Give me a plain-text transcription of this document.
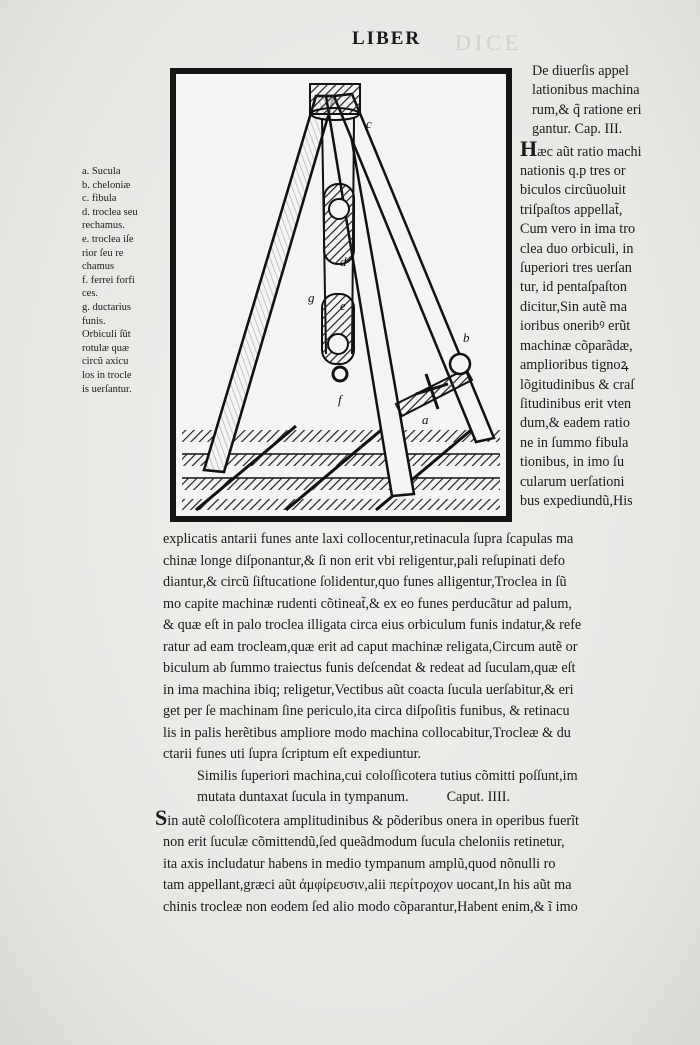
DICE
LIBER
c
d
e
f
g
b
a
a. Sucula
b. cheloniæ
c. fibula
d. troclea seu
rechamus.
e. troclea iſe
rior ſeu re
chamus
f. ferrei forfi
ces.
g. ductarius
funis.
Orbiculi ſũt
rotulæ quæ
circũ axicu
los in trocle
is uerſantur.
De diuerſis appel
lationibus machina
rum,& q̃ ratione eri
gantur. Cap. III.
Hæc aũt ratio machi
nationis q.p tres or
biculos circũuoluit
triſpaſtos appellat̃,
Cum vero in ima tro
clea duo orbiculi, in
ſuperiori tres uerſan
tur, id pentaſpaſton
dicitur,Sin autẽ ma
ioribus oneribꝰ erũt
machinæ cõparãdæ,
amplioribus tignoꝝ
lõgitudinibus & craſ
ſitudinibus erit vten
dum,& eadem ratio
ne in ſummo fibula
tionibus, in imo ſu
cularum uerſationi
bus expediundũ,His
explicatis antarii funes ante laxi collocentur,retinacula ſupra ſcapulas ma
chinæ longe diſponantur,& ſi non erit vbi religentur,pali reſupinati defo
diantur,& circũ ſiſtucatione ſolidentur,quo funes alligentur,Troclea in ſũ
mo capite machinæ rudenti cõtineat̃,& ex eo funes perducãtur ad palum,
& quæ eſt in palo troclea illigata circa eius orbiculum funis indatur,& refe
ratur ad eam trocleam,quæ erit ad caput machinæ religata,Circum autẽ or
biculum ab ſummo traiectus funis deſcendat & redeat ad ſuculam,quæ eſt
in ima machina ibiq; religetur,Vectibus aũt coacta ſucula uerſabitur,& eri
get per ſe machinam ſine periculo,ita circa diſpoſitis funibus, & retinacu
lis in palis herẽtibus ampliore modo machina collocabitur,Trocleæ & du
ctarii funes uti ſupra ſcriptum eſt expediuntur.
Similis ſuperiori machina,cui coloſſicotera tutius cõmitti poſſunt,im
mutata duntaxat ſucula in tympanum.	Caput. IIII.
Sin autẽ coloſſicotera amplitudinibus & põderibus onera in operibus fuerĩt
non erit ſuculæ cõmittendũ,ſed queãdmodum ſucula cheloniis retinetur,
ita axis includatur habens in medio tympanum amplũ,quod nõnulli ro
tam appellant,græci aũt ἀμφίρευσιν,alii περίτροχον uocant,In his aũt ma
chinis trocleæ non eodem ſed alio modo cõparantur,Habent enim,& ĩ imo
